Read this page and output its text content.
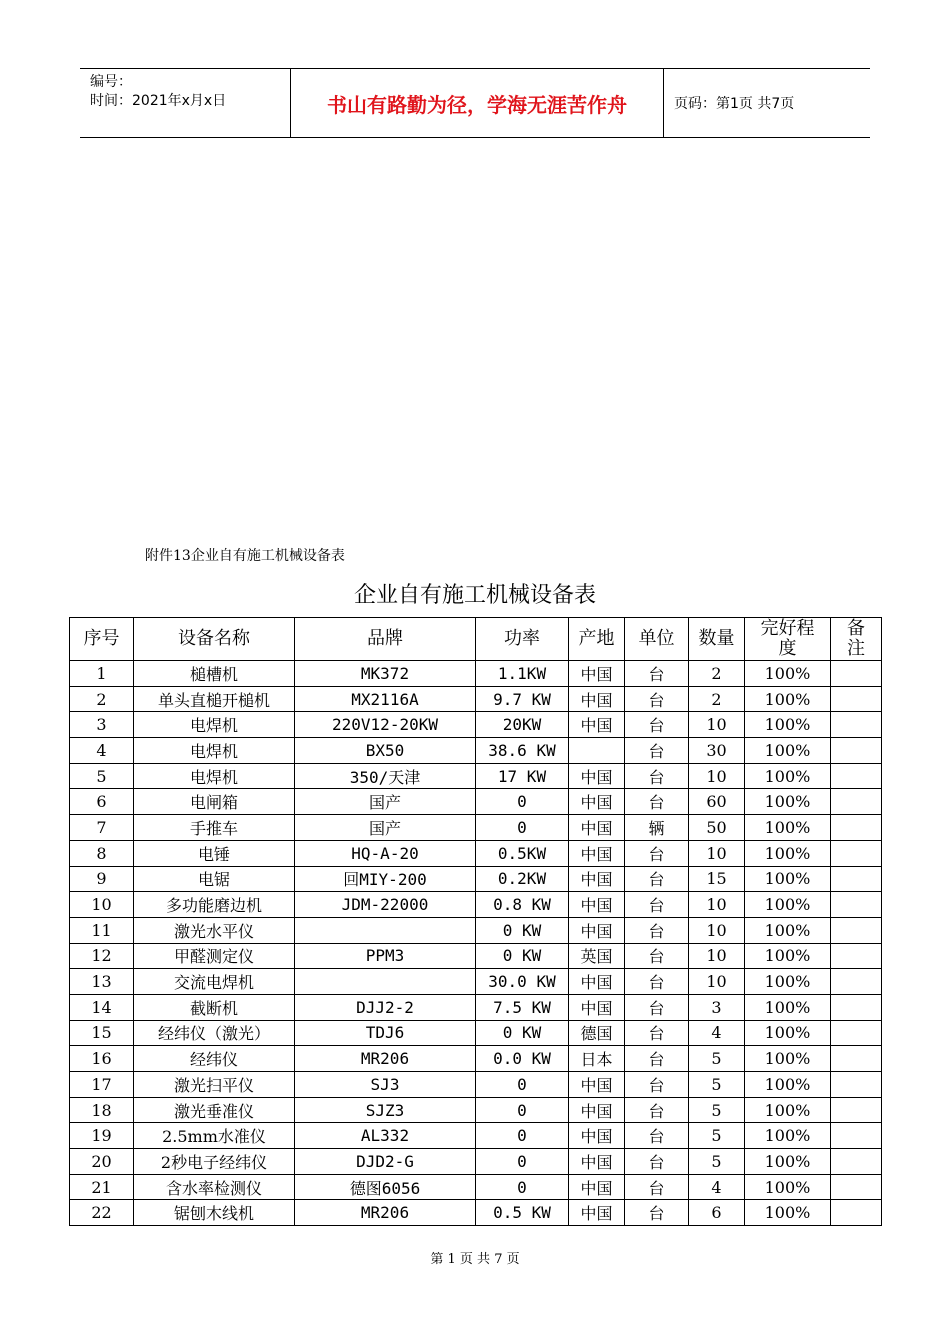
编号：
时间：2021年x月x日	书山有路勤为径，学海无涯苦作舟	页码：第1页 共7页
附件13企业自有施工机械设备表
企业自有施工机械设备表
序号	设备名称	品牌	功率	产地	单位	数量	完好程度	备注
1	槌槽机	MK372	1.1KW	中国	台	2	100%	
2	单头直槌开槌机	MX2116A	9.7 KW	中国	台	2	100%	
3	电焊机	220V12-20KW	20KW	中国	台	10	100%	
4	电焊机	BX50	38.6 KW		台	30	100%	
5	电焊机	350/天津	17 KW	中国	台	10	100%	
6	电闸箱	国产	0	中国	台	60	100%	
7	手推车	国产	0	中国	辆	50	100%	
8	电锤	HQ-A-20	0.5KW	中国	台	10	100%	
9	电锯	回MIY-200	0.2KW	中国	台	15	100%	
10	多功能磨边机	JDM-22000	0.8 KW	中国	台	10	100%	
11	激光水平仪		0 KW	中国	台	10	100%	
12	甲醛测定仪	PPM3	0 KW	英国	台	10	100%	
13	交流电焊机		30.0 KW	中国	台	10	100%	
14	截断机	DJJ2-2	7.5 KW	中国	台	3	100%	
15	经纬仪（激光）	TDJ6	0 KW	德国	台	4	100%	
16	经纬仪	MR206	0.0 KW	日本	台	5	100%	
17	激光扫平仪	SJ3	0	中国	台	5	100%	
18	激光垂准仪	SJZ3	0	中国	台	5	100%	
19	2.5mm水准仪	AL332	0	中国	台	5	100%	
20	2秒电子经纬仪	DJD2-G	0	中国	台	5	100%	
21	含水率检测仪	德图6056	0	中国	台	4	100%	
22	锯刨木线机	MR206	0.5 KW	中国	台	6	100%	
第 1 页 共 7 页
